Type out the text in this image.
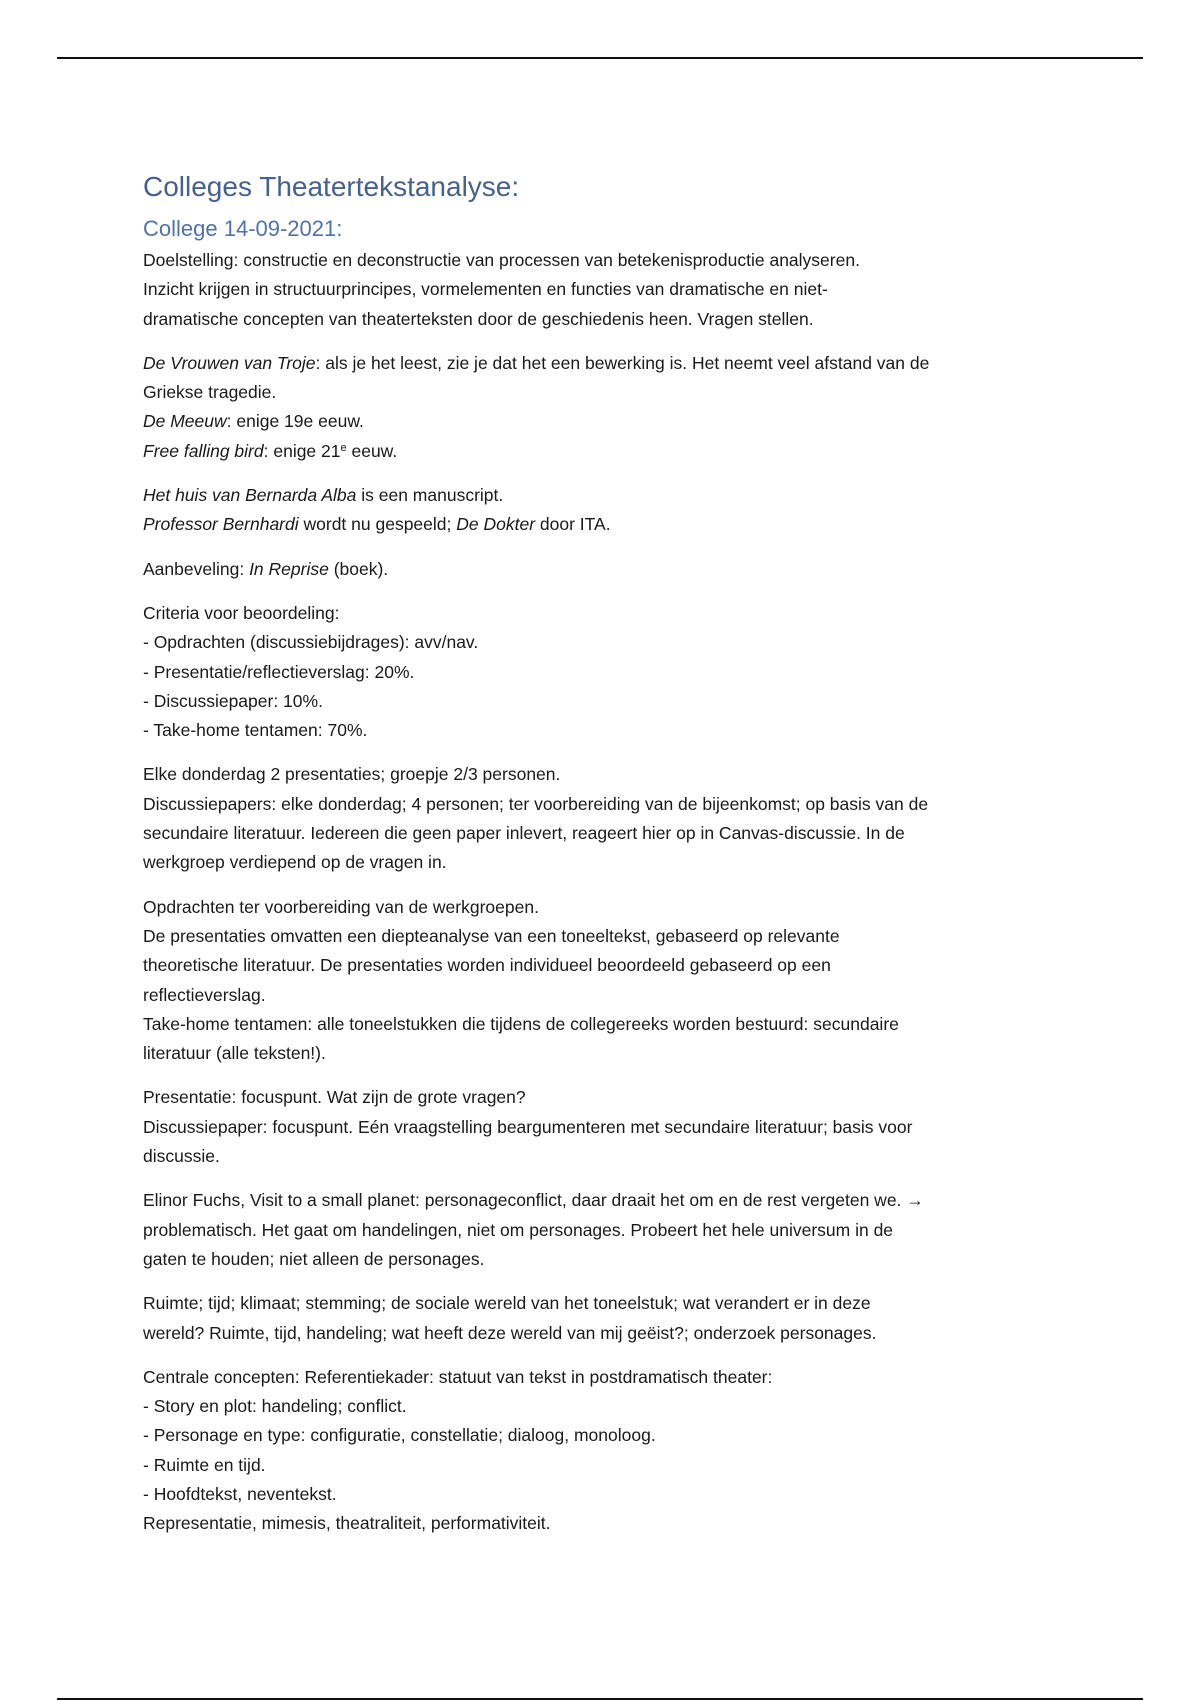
Colleges Theatertekstanalyse:
College 14-09-2021:
Doelstelling: constructie en deconstructie van processen van betekenisproductie analyseren.
Inzicht krijgen in structuurprincipes, vormelementen en functies van dramatische en niet-
dramatische concepten van theaterteksten door de geschiedenis heen. Vragen stellen.
De Vrouwen van Troje: als je het leest, zie je dat het een bewerking is. Het neemt veel afstand van de
Griekse tragedie.
De Meeuw: enige 19e eeuw.
Free falling bird: enige 21e eeuw.
Het huis van Bernarda Alba is een manuscript.
Professor Bernhardi wordt nu gespeeld; De Dokter door ITA.
Aanbeveling: In Reprise (boek).
Criteria voor beoordeling:
- Opdrachten (discussiebijdrages): avv/nav.
- Presentatie/reflectieverslag: 20%.
- Discussiepaper: 10%.
- Take-home tentamen: 70%.
Elke donderdag 2 presentaties; groepje 2/3 personen.
Discussiepapers: elke donderdag; 4 personen; ter voorbereiding van de bijeenkomst; op basis van de
secundaire literatuur. Iedereen die geen paper inlevert, reageert hier op in Canvas-discussie. In de
werkgroep verdiepend op de vragen in.
Opdrachten ter voorbereiding van de werkgroepen.
De presentaties omvatten een diepteanalyse van een toneeltekst, gebaseerd op relevante
theoretische literatuur. De presentaties worden individueel beoordeeld gebaseerd op een
reflectieverslag.
Take-home tentamen: alle toneelstukken die tijdens de collegereeks worden bestuurd: secundaire
literatuur (alle teksten!).
Presentatie: focuspunt. Wat zijn de grote vragen?
Discussiepaper: focuspunt. Eén vraagstelling beargumenteren met secundaire literatuur; basis voor
discussie.
Elinor Fuchs, Visit to a small planet: personageconflict, daar draait het om en de rest vergeten we. →
problematisch. Het gaat om handelingen, niet om personages. Probeert het hele universum in de
gaten te houden; niet alleen de personages.
Ruimte; tijd; klimaat; stemming; de sociale wereld van het toneelstuk; wat verandert er in deze
wereld? Ruimte, tijd, handeling; wat heeft deze wereld van mij geëist?; onderzoek personages.
Centrale concepten: Referentiekader: statuut van tekst in postdramatisch theater:
- Story en plot: handeling; conflict.
- Personage en type: configuratie, constellatie; dialoog, monoloog.
- Ruimte en tijd.
- Hoofdtekst, neventekst.
Representatie, mimesis, theatraliteit, performativiteit.
